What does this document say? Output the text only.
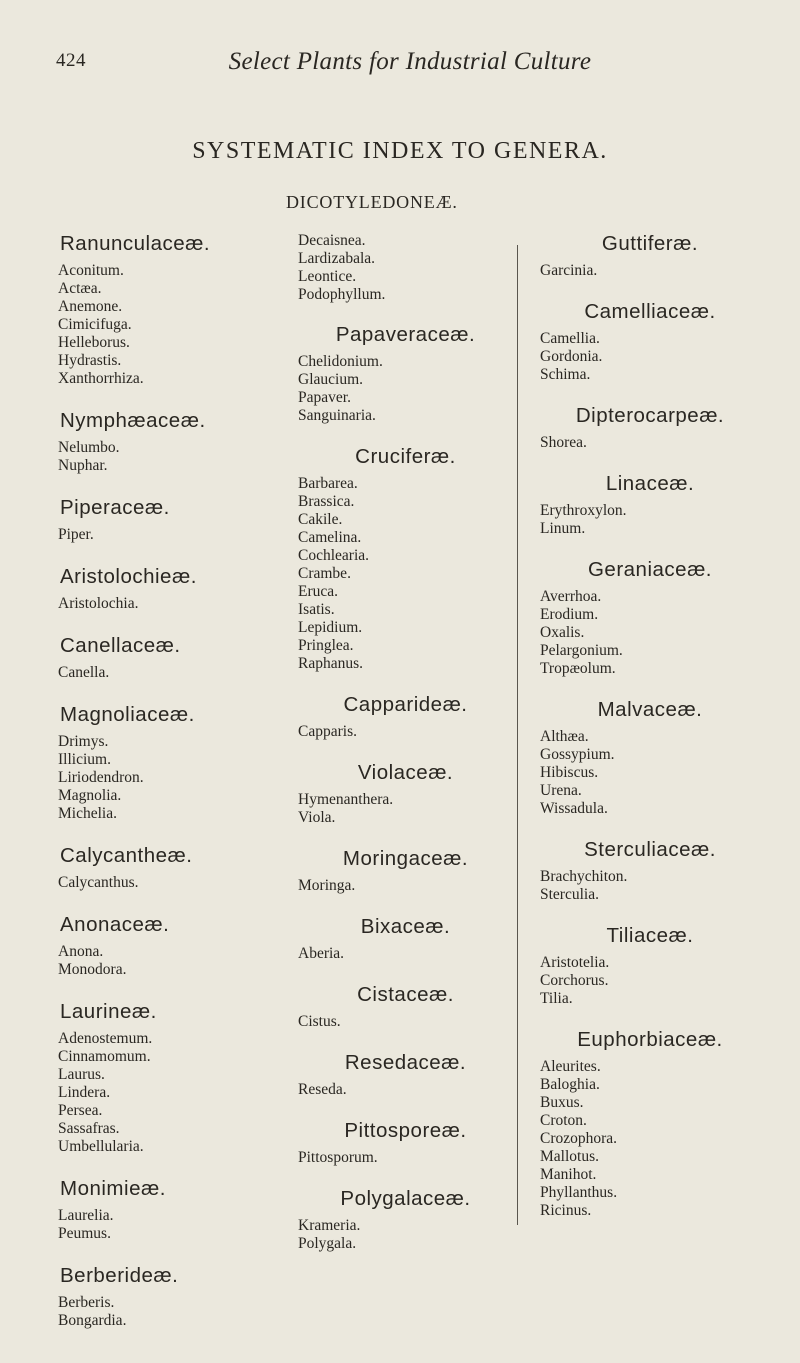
424	Select Plants for Industrial Culture
SYSTEMATIC INDEX TO GENERA.
DICOTYLEDONEÆ.
Ranunculaceæ.
Aconitum.
Actæa.
Anemone.
Cimicifuga.
Helleborus.
Hydrastis.
Xanthorrhiza.
Nymphæaceæ.
Nelumbo.
Nuphar.
Piperaceæ.
Piper.
Aristolochieæ.
Aristolochia.
Canellaceæ.
Canella.
Magnoliaceæ.
Drimys.
Illicium.
Liriodendron.
Magnolia.
Michelia.
Calycantheæ.
Calycanthus.
Anonaceæ.
Anona.
Monodora.
Laurineæ.
Adenostemum.
Cinnamomum.
Laurus.
Lindera.
Persea.
Sassafras.
Umbellularia.
Monimieæ.
Laurelia.
Peumus.
Berberideæ.
Berberis.
Bongardia.
Decaisnea.
Lardizabala.
Leontice.
Podophyllum.
Papaveraceæ.
Chelidonium.
Glaucium.
Papaver.
Sanguinaria.
Cruciferæ.
Barbarea.
Brassica.
Cakile.
Camelina.
Cochlearia.
Crambe.
Eruca.
Isatis.
Lepidium.
Pringlea.
Raphanus.
Capparideæ.
Capparis.
Violaceæ.
Hymenanthera.
Viola.
Moringaceæ.
Moringa.
Bixaceæ.
Aberia.
Cistaceæ.
Cistus.
Resedaceæ.
Reseda.
Pittosporeæ.
Pittosporum.
Polygalaceæ.
Krameria.
Polygala.
Guttiferæ.
Garcinia.
Camelliaceæ.
Camellia.
Gordonia.
Schima.
Dipterocarpeæ.
Shorea.
Linaceæ.
Erythroxylon.
Linum.
Geraniaceæ.
Averrhoa.
Erodium.
Oxalis.
Pelargonium.
Tropæolum.
Malvaceæ.
Althæa.
Gossypium.
Hibiscus.
Urena.
Wissadula.
Sterculiaceæ.
Brachychiton.
Sterculia.
Tiliaceæ.
Aristotelia.
Corchorus.
Tilia.
Euphorbiaceæ.
Aleurites.
Baloghia.
Buxus.
Croton.
Crozophora.
Mallotus.
Manihot.
Phyllanthus.
Ricinus.
